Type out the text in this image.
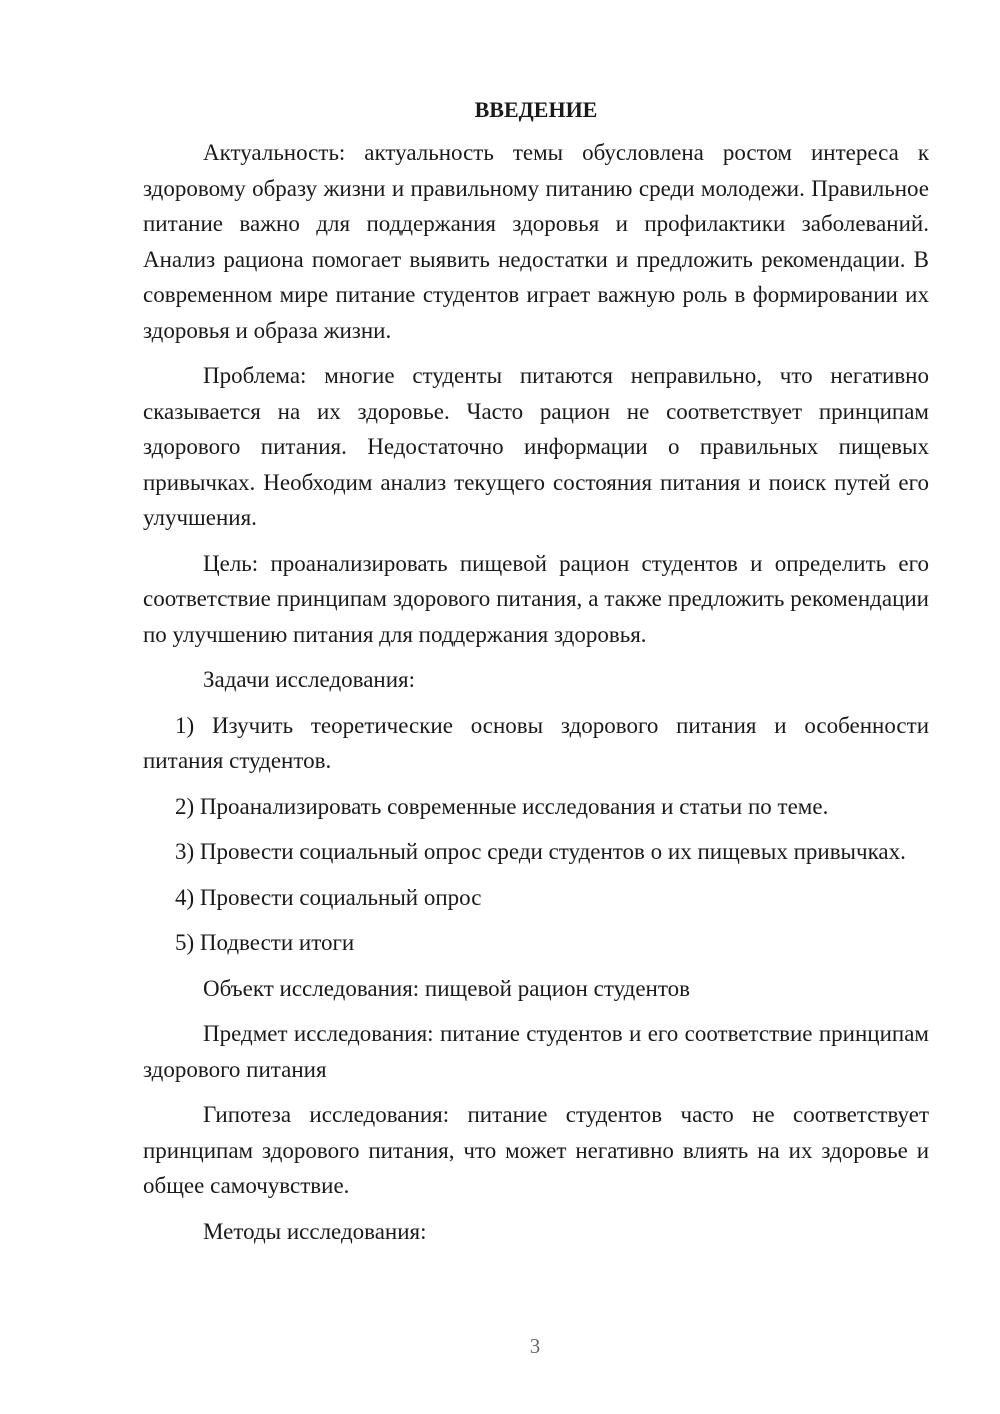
ВВЕДЕНИЕ

Актуальность: актуальность темы обусловлена ростом интереса к здоровому образу жизни и правильному питанию среди молодежи. Правильное питание важно для поддержания здоровья и профилактики заболеваний. Анализ рациона помогает выявить недостатки и предложить рекомендации. В современном мире питание студентов играет важную роль в формировании их здоровья и образа жизни.

Проблема: многие студенты питаются неправильно, что негативно сказывается на их здоровье. Часто рацион не соответствует принципам здорового питания. Недостаточно информации о правильных пищевых привычках. Необходим анализ текущего состояния питания и поиск путей его улучшения.

Цель: проанализировать пищевой рацион студентов и определить его соответствие принципам здорового питания, а также предложить рекомендации по улучшению питания для поддержания здоровья.

Задачи исследования:

1) Изучить теоретические основы здорового питания и особенности питания студентов.

2) Проанализировать современные исследования и статьи по теме.

3) Провести социальный опрос среди студентов о их пищевых привычках.

4) Провести социальный опрос

5) Подвести итоги

Объект исследования: пищевой рацион студентов

Предмет исследования: питание студентов и его соответствие принципам здорового питания

Гипотеза исследования: питание студентов часто не соответствует принципам здорового питания, что может негативно влиять на их здоровье и общее самочувствие.

Методы исследования:

3
